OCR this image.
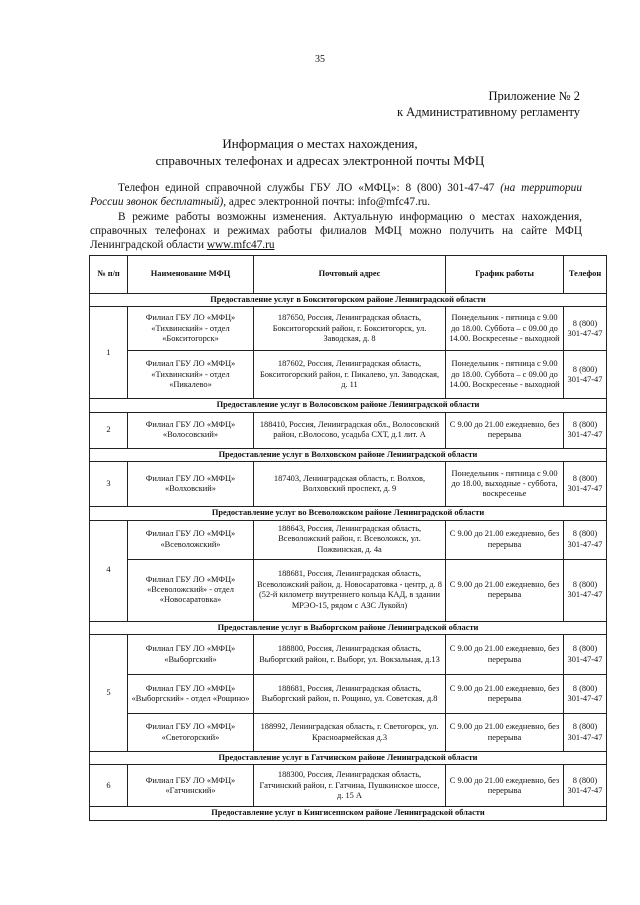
35
Приложение № 2
к Административному регламенту
Информация о местах нахождения,
справочных телефонах и адресах электронной почты МФЦ

Телефон единой справочной службы ГБУ ЛО «МФЦ»: 8 (800) 301-47-47 (на территории России звонок бесплатный), адрес электронной почты: info@mfc47.ru.

В режиме работы возможны изменения. Актуальную информацию о местах нахождения, справочных телефонах и режимах работы филиалов МФЦ можно получить на сайте МФЦ Ленинградской области www.mfc47.ru

№ п/п	Наименование МФЦ	Почтовый адрес	График работы	Телефон
Предоставление услуг в Бокситогорском районе Ленинградской области				
1	Филиал ГБУ ЛО «МФЦ» «Тихвинский» - отдел «Бокситогорск»	187650, Россия, Ленинградская область, Бокситогорский район, г. Бокситогорск, ул. Заводская, д. 8	Понедельник - пятница с 9.00 до 18.00. Суббота – с 09.00 до 14.00. Воскресенье - выходной	8 (800) 301-47-47
	Филиал ГБУ ЛО «МФЦ» «Тихвинский» - отдел «Пикалево»	187602, Россия, Ленинградская область, Бокситогорский район, г. Пикалево, ул. Заводская, д. 11	Понедельник - пятница с 9.00 до 18.00. Суббота – с 09.00 до 14.00. Воскресенье - выходной	8 (800) 301-47-47
Предоставление услуг в Волосовском районе Ленинградской области				
2	Филиал ГБУ ЛО «МФЦ» «Волосовский»	188410, Россия, Ленинградская обл., Волосовский район, г.Волосово, усадьба СХТ, д.1 лит. А	С 9.00 до 21.00 ежедневно, без перерыва	8 (800) 301-47-47
Предоставление услуг в Волховском районе Ленинградской области				
3	Филиал ГБУ ЛО «МФЦ» «Волховский»	187403, Ленинградская область, г. Волхов, Волховский проспект, д. 9	Понедельник - пятница с 9.00 до 18.00, выходные - суббота, воскресенье	8 (800) 301-47-47
Предоставление услуг во Всеволожском районе Ленинградской области				
4	Филиал ГБУ ЛО «МФЦ» «Всеволожский»	188643, Россия, Ленинградская область, Всеволожский район, г. Всеволожск, ул. Пожвинская, д. 4а	С 9.00 до 21.00 ежедневно, без перерыва	8 (800) 301-47-47
	Филиал ГБУ ЛО «МФЦ» «Всеволожский» - отдел «Новосаратовка»	188681, Россия, Ленинградская область, Всеволожский район, д. Новосаратовка - центр, д. 8 (52-й километр внутреннего кольца КАД, в здании МРЭО-15, рядом с АЗС Лукойл)	С 9.00 до 21.00 ежедневно, без перерыва	8 (800) 301-47-47
Предоставление услуг в Выборгском районе Ленинградской области				
5	Филиал ГБУ ЛО «МФЦ» «Выборгский»	188800, Россия, Ленинградская область, Выборгский район, г. Выборг, ул. Вокзальная, д.13	С 9.00 до 21.00 ежедневно, без перерыва	8 (800) 301-47-47
	Филиал ГБУ ЛО «МФЦ» «Выборгский» - отдел «Рощино»	188681, Россия, Ленинградская область, Выборгский район, п. Рощино, ул. Советская, д.8	С 9.00 до 21.00 ежедневно, без перерыва	8 (800) 301-47-47
	Филиал ГБУ ЛО «МФЦ» «Светогорский»	188992, Ленинградская область, г. Светогорск, ул. Красноармейская д.3	С 9.00 до 21.00 ежедневно, без перерыва	8 (800) 301-47-47
Предоставление услуг в Гатчинском районе Ленинградской области				
6	Филиал ГБУ ЛО «МФЦ» «Гатчинский»	188300, Россия, Ленинградская область, Гатчинский район, г. Гатчина, Пушкинское шоссе, д. 15 А	С 9.00 до 21.00 ежедневно, без перерыва	8 (800) 301-47-47
Предоставление услуг в Кингисеппском районе Ленинградской области				
